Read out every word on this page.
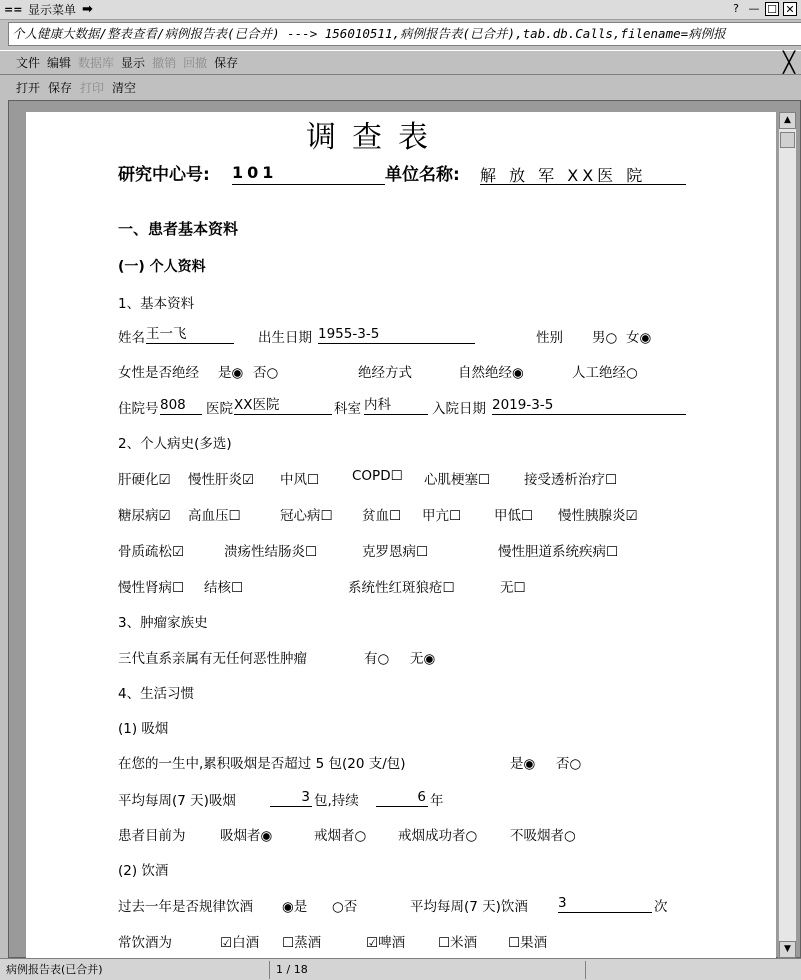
== 显示菜单 ➡	? — ☐ ✕
个人健康大数据/整表查看/病例报告表(已合并) ---> 156010511,病例报告表(已合并),tab.db.Calls,filename=病例报
文件 编辑 数据库 显示 撤销 回撤 保存	╳
打开 保存 打印 清空
调查表
研究中心号: 101	单位名称: 解 放 军 XX医 院
一、患者基本资料
(一) 个人资料
1、基本资料
姓名 王一飞	出生日期 1955-3-5	性别 男○ 女◉
女性是否绝经 是◉ 否○	绝经方式	自然绝经◉	人工绝经○
住院号 808	医院 XX医院	科室 内科	入院日期 2019-3-5
2、个人病史(多选)
肝硬化☑ 慢性肝炎☑ 中风☐ COPD☐ 心肌梗塞☐	接受透析治疗☐
糖尿病☑ 高血压☐	冠心病☐ 贫血☐ 甲亢☐ 甲低☐ 慢性胰腺炎☑
骨质疏松☑	溃疡性结肠炎☐	克罗恩病☐	慢性胆道系统疾病☐
慢性肾病☐ 结核☐	系统性红斑狼疮☐	无☐
3、肿瘤家族史
三代直系亲属有无任何恶性肿瘤	有○ 无◉
4、生活习惯
(1) 吸烟
在您的一生中,累积吸烟是否超过 5 包(20 支/包)	是◉ 否○
平均每周(7 天)吸烟	3 包,持续	6 年
患者目前为	吸烟者◉	戒烟者○ 戒烟成功者○ 不吸烟者○
(2) 饮酒
过去一年是否规律饮酒 ◉是 ○否	平均每周(7 天)饮酒 3	次
常饮酒为	☑白酒 ☐蒸酒	☑啤酒 ☐米酒 ☐果酒
▲
▼
病例报告表(已合并)	1 / 18
